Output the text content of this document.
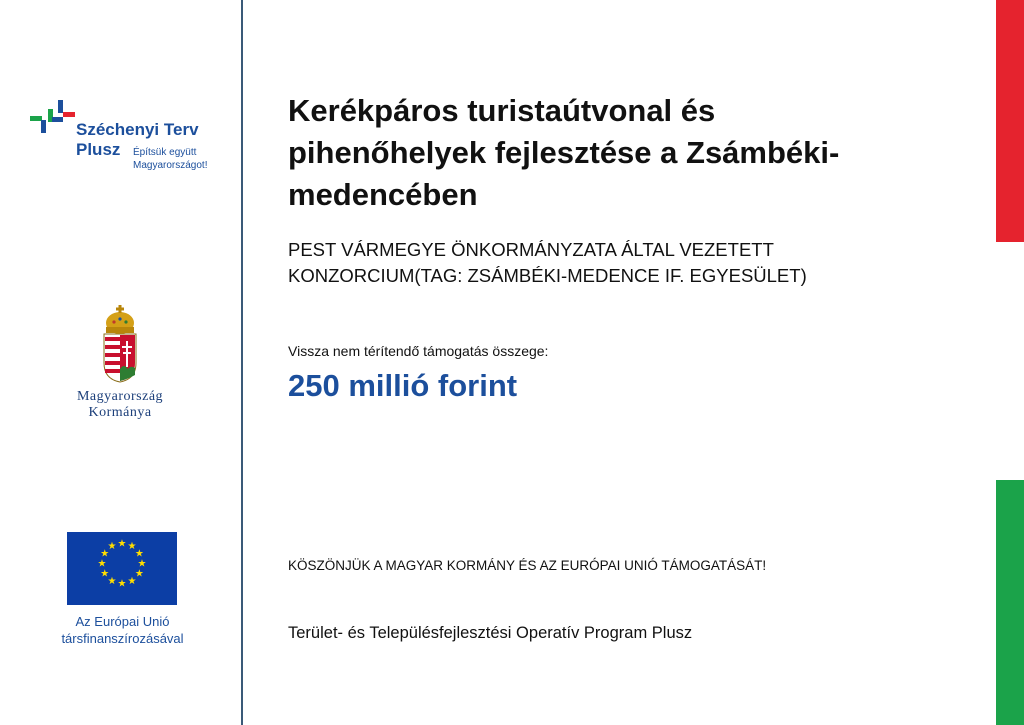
Széchenyi Terv
Plusz Építsük együtt
Magyarországot!
Magyarország
Kormánya
★ ★
★
★
★
★
★
★
★
★
★
★
Az Európai Unió
társfinanszírozásával
Kerékpáros turistaútvonal és pihenőhelyek fejlesztése a Zsámbéki-medencében

PEST VÁRMEGYE ÖNKORMÁNYZATA ÁLTAL VEZETETT KONZORCIUM(TAG: ZSÁMBÉKI-MEDENCE IF. EGYESÜLET)

Vissza nem térítendő támogatás összege:
250 millió forint
KÖSZÖNJÜK A MAGYAR KORMÁNY ÉS AZ EURÓPAI UNIÓ TÁMOGATÁSÁT!
Terület- és Településfejlesztési Operatív Program Plusz
